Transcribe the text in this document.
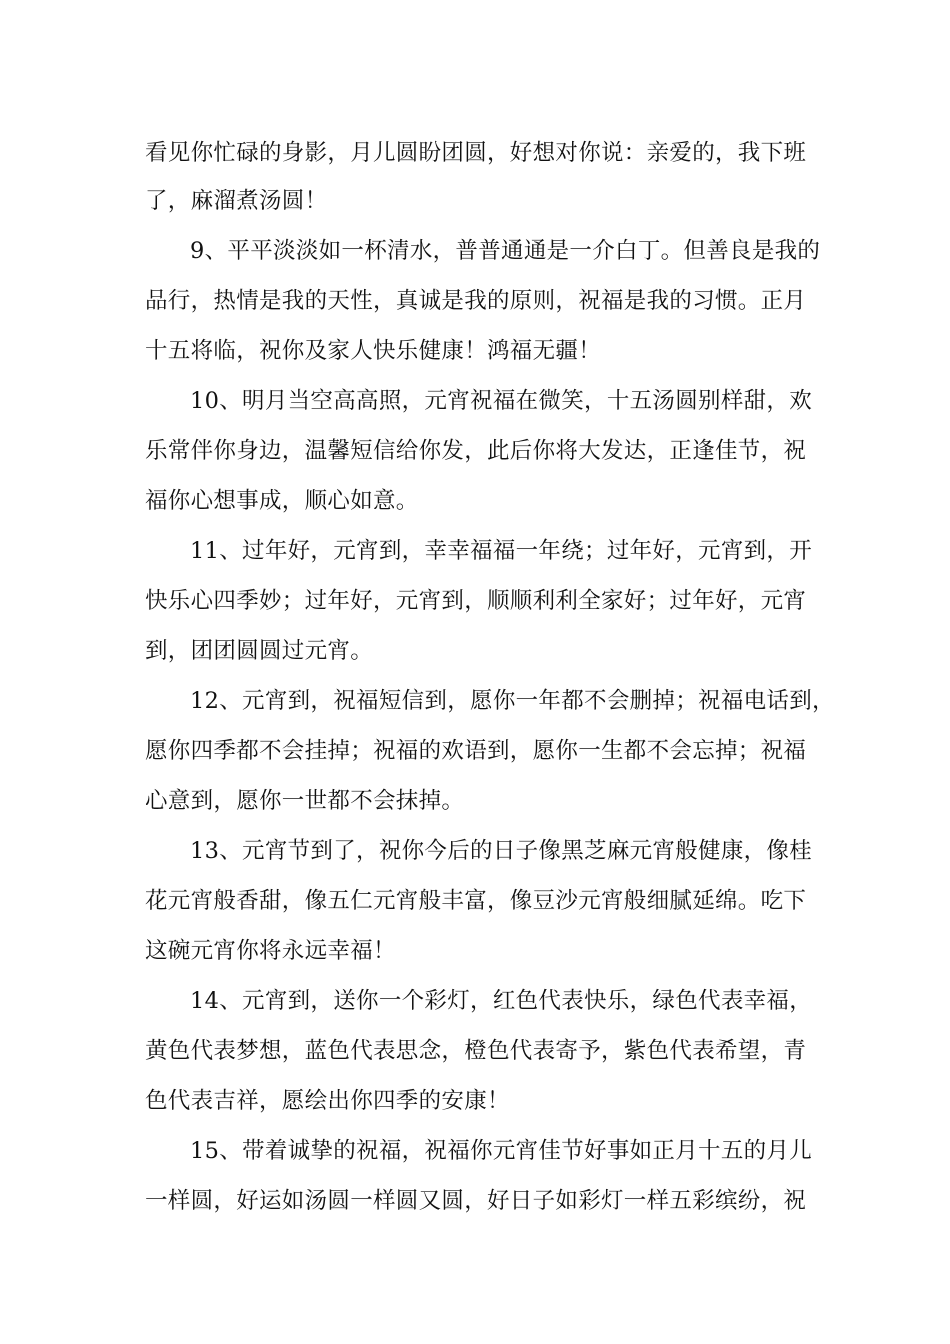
看见你忙碌的身影，月儿圆盼团圆，好想对你说：亲爱的，我下班
了，麻溜煮汤圆！
9、平平淡淡如一杯清水，普普通通是一介白丁。但善良是我的
品行，热情是我的天性，真诚是我的原则，祝福是我的习惯。正月
十五将临，祝你及家人快乐健康！鸿福无疆！
10、明月当空高高照，元宵祝福在微笑，十五汤圆别样甜，欢
乐常伴你身边，温馨短信给你发，此后你将大发达，正逢佳节，祝
福你心想事成，顺心如意。
11、过年好，元宵到，幸幸福福一年绕；过年好，元宵到，开
快乐心四季妙；过年好，元宵到，顺顺利利全家好；过年好，元宵
到，团团圆圆过元宵。
12、元宵到，祝福短信到，愿你一年都不会删掉；祝福电话到，
愿你四季都不会挂掉；祝福的欢语到，愿你一生都不会忘掉；祝福
心意到，愿你一世都不会抹掉。
13、元宵节到了，祝你今后的日子像黑芝麻元宵般健康，像桂
花元宵般香甜，像五仁元宵般丰富，像豆沙元宵般细腻延绵。吃下
这碗元宵你将永远幸福！
14、元宵到，送你一个彩灯，红色代表快乐，绿色代表幸福，
黄色代表梦想，蓝色代表思念，橙色代表寄予，紫色代表希望，青
色代表吉祥，愿绘出你四季的安康！
15、带着诚挚的祝福，祝福你元宵佳节好事如正月十五的月儿
一样圆，好运如汤圆一样圆又圆，好日子如彩灯一样五彩缤纷，祝
